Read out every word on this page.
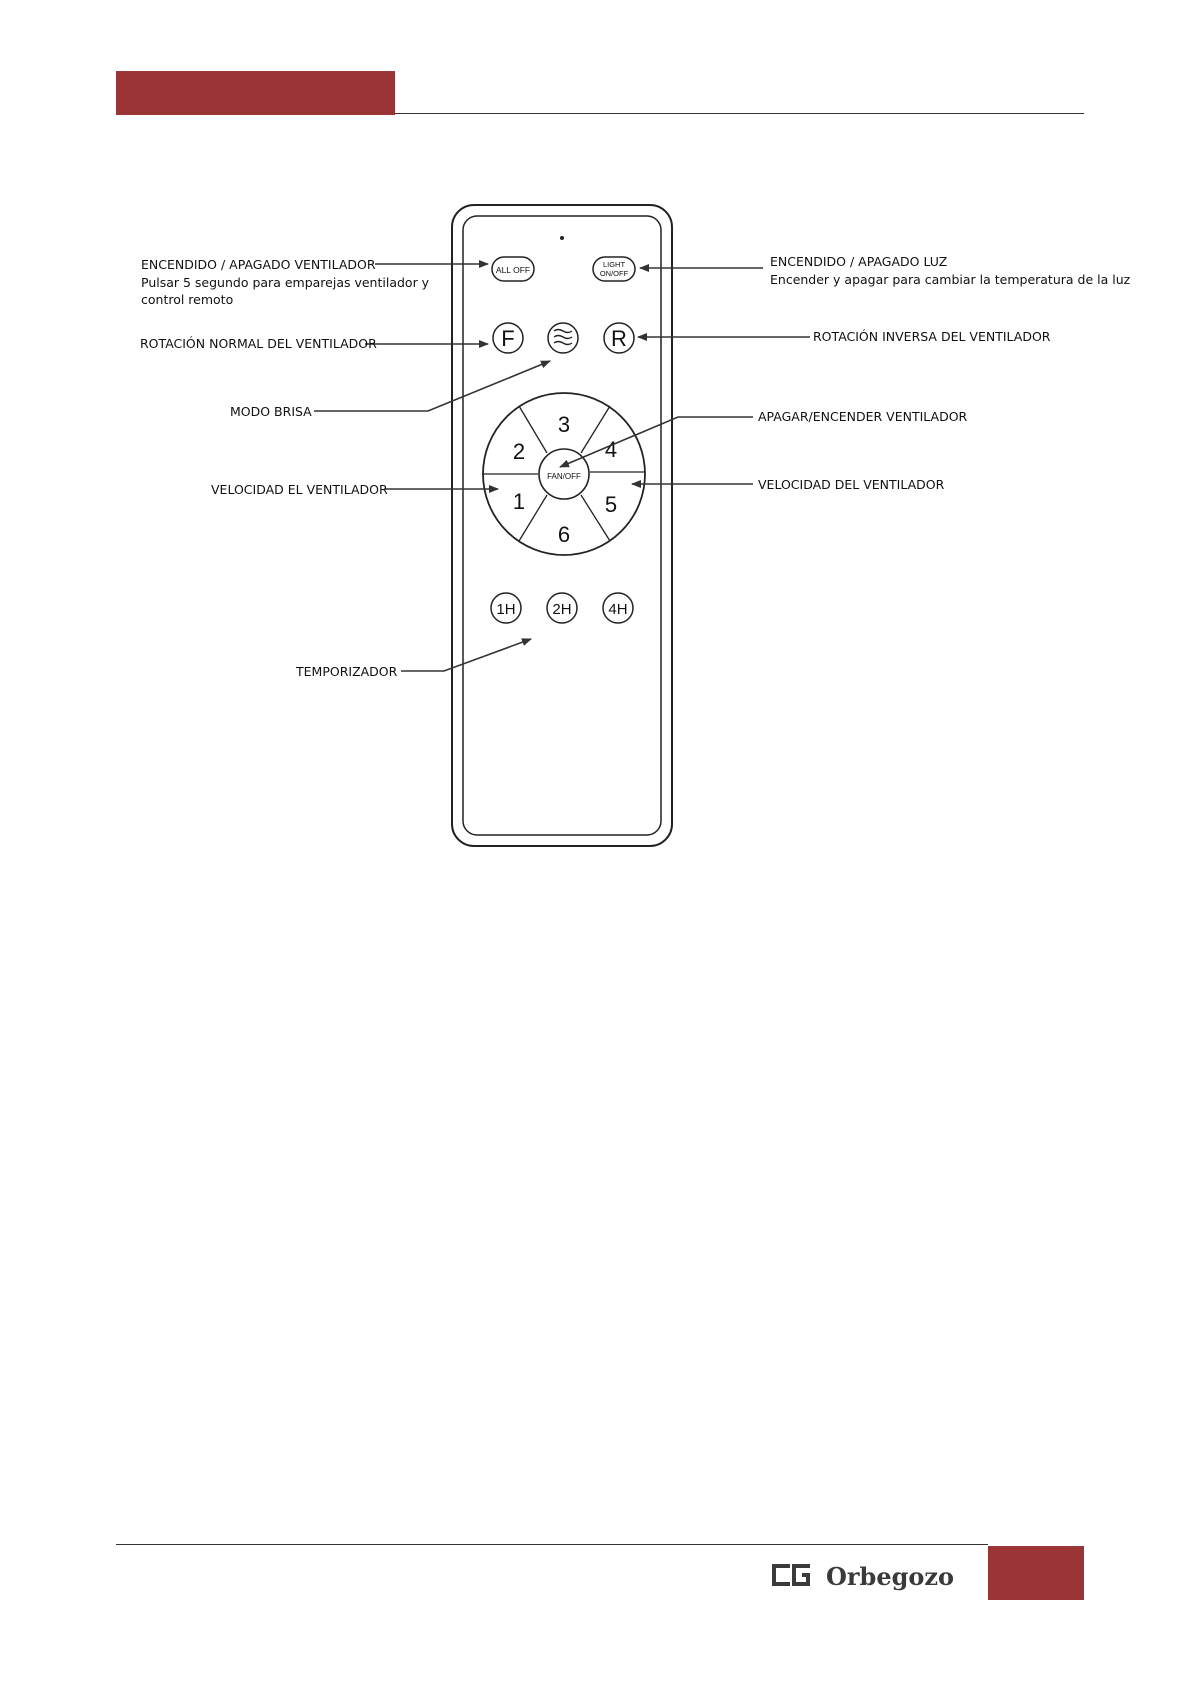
ALL OFF
LIGHT
ON/OFF
F	R
FAN/OFF
1
2
3
4
5
6
1H 2H 4H
ENCENDIDO / APAGADO VENTILADOR
Pulsar 5 segundo para emparejas ventilador y
control remoto
ENCENDIDO / APAGADO LUZ
Encender y apagar para cambiar la temperatura de la luz
ROTACIÓN NORMAL DEL VENTILADOR	ROTACIÓN INVERSA DEL VENTILADOR
MODO BRISA	APAGAR/ENCENDER VENTILADOR
VELOCIDAD EL VENTILADOR	VELOCIDAD DEL VENTILADOR
TEMPORIZADOR
Orbegozo
